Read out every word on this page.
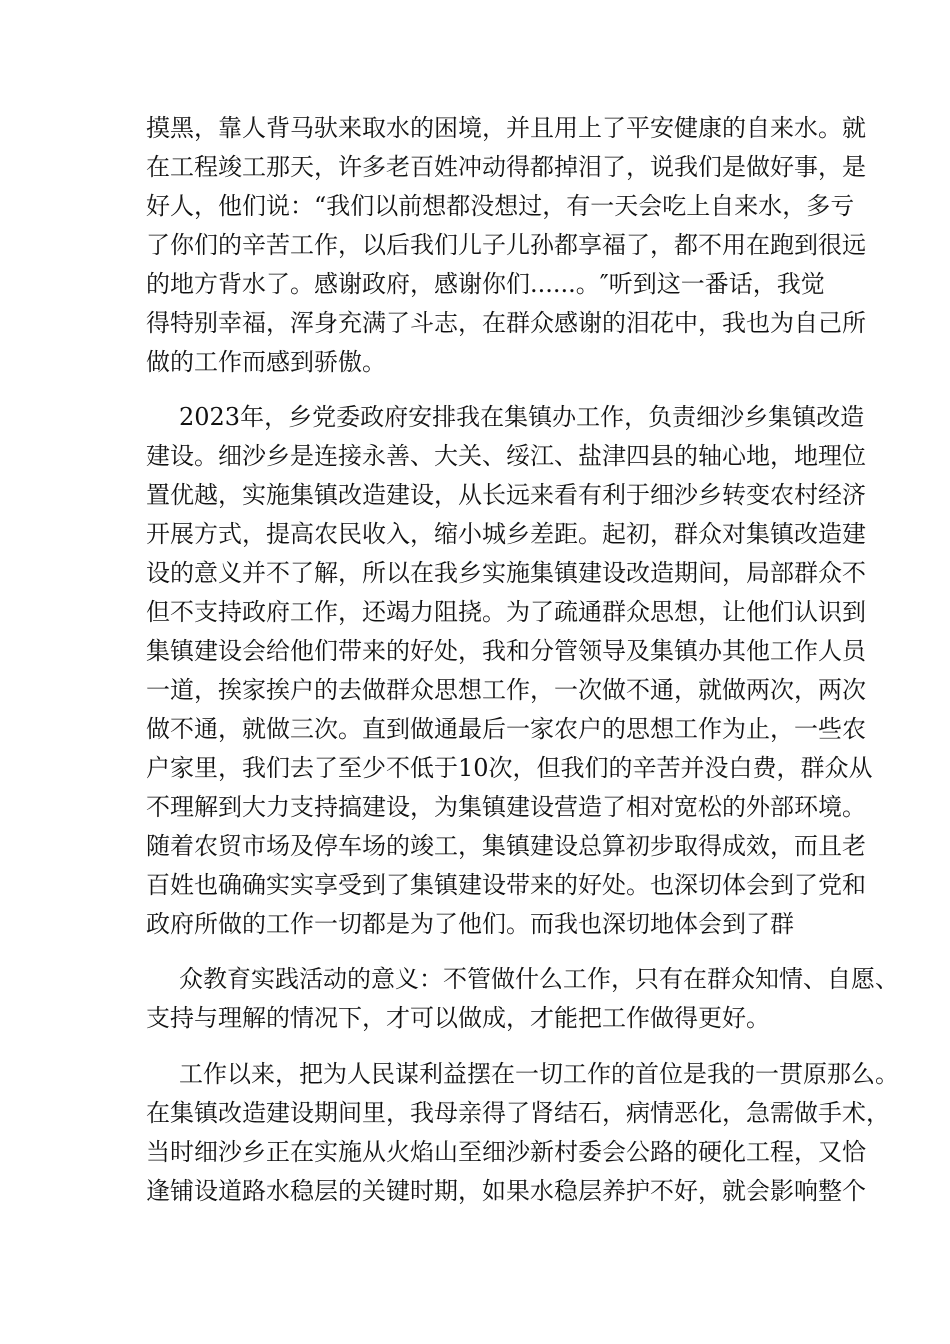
摸黑，靠人背马驮来取水的困境，并且用上了平安健康的自来水。就
在工程竣工那天，许多老百姓冲动得都掉泪了，说我们是做好事，是
好人，他们说：“我们以前想都没想过，有一天会吃上自来水，多亏
了你们的辛苦工作，以后我们儿子儿孙都享福了，都不用在跑到很远
的地方背水了。感谢政府，感谢你们......。″听到这一番话，我觉
得特别幸福，浑身充满了斗志，在群众感谢的泪花中，我也为自己所
做的工作而感到骄傲。
2023年，乡党委政府安排我在集镇办工作，负责细沙乡集镇改造
建设。细沙乡是连接永善、大关、绥江、盐津四县的轴心地，地理位
置优越，实施集镇改造建设，从长远来看有利于细沙乡转变农村经济
开展方式，提高农民收入，缩小城乡差距。起初，群众对集镇改造建
设的意义并不了解，所以在我乡实施集镇建设改造期间，局部群众不
但不支持政府工作，还竭力阻挠。为了疏通群众思想，让他们认识到
集镇建设会给他们带来的好处，我和分管领导及集镇办其他工作人员
一道，挨家挨户的去做群众思想工作，一次做不通，就做两次，两次
做不通，就做三次。直到做通最后一家农户的思想工作为止，一些农
户家里，我们去了至少不低于10次，但我们的辛苦并没白费，群众从
不理解到大力支持搞建设，为集镇建设营造了相对宽松的外部环境。
随着农贸市场及停车场的竣工，集镇建设总算初步取得成效，而且老
百姓也确确实实享受到了集镇建设带来的好处。也深切体会到了党和
政府所做的工作一切都是为了他们。而我也深切地体会到了群
众教育实践活动的意义：不管做什么工作，只有在群众知情、自愿、
支持与理解的情况下，才可以做成，才能把工作做得更好。
工作以来，把为人民谋利益摆在一切工作的首位是我的一贯原那么。
在集镇改造建设期间里，我母亲得了肾结石，病情恶化，急需做手术，
当时细沙乡正在实施从火焰山至细沙新村委会公路的硬化工程，又恰
逢铺设道路水稳层的关键时期，如果水稳层养护不好，就会影响整个
